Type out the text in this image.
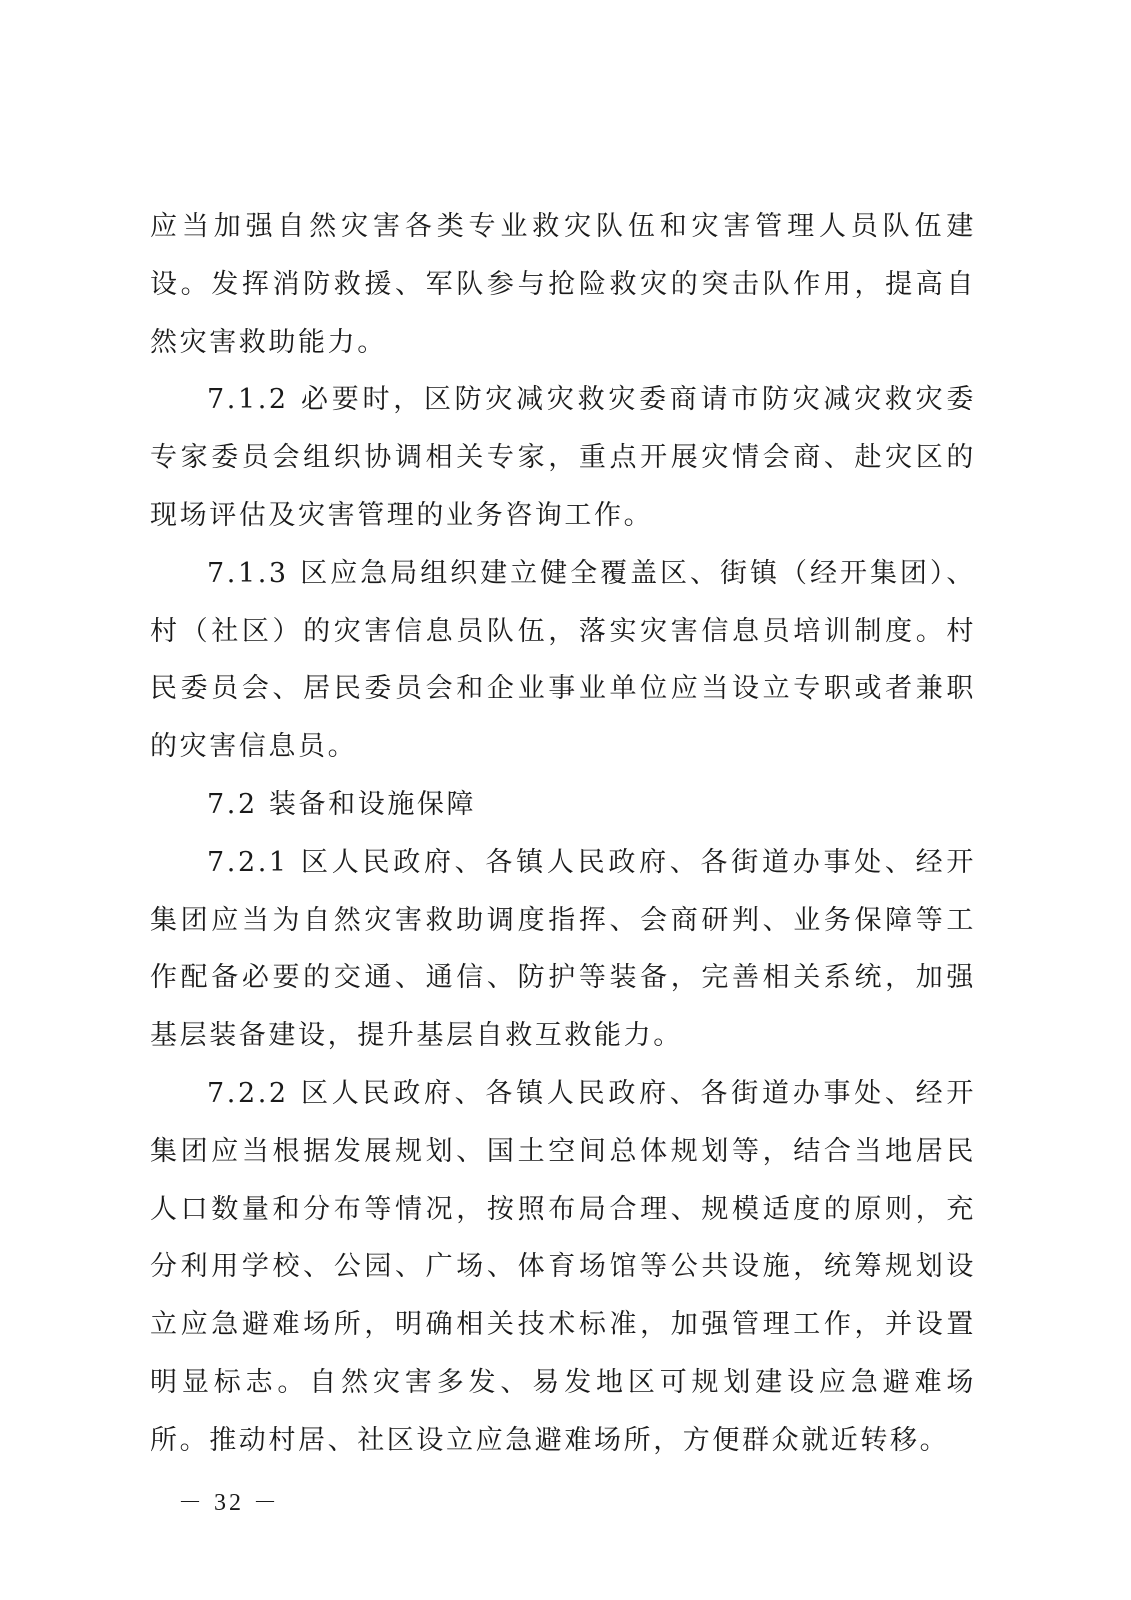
应当加强自然灾害各类专业救灾队伍和灾害管理人员队伍建设。发挥消防救援、军队参与抢险救灾的突击队作用，提高自然灾害救助能力。

7.1.2 必要时，区防灾减灾救灾委商请市防灾减灾救灾委专家委员会组织协调相关专家，重点开展灾情会商、赴灾区的现场评估及灾害管理的业务咨询工作。

7.1.3 区应急局组织建立健全覆盖区、街镇（经开集团）、村（社区）的灾害信息员队伍，落实灾害信息员培训制度。村民委员会、居民委员会和企业事业单位应当设立专职或者兼职的灾害信息员。

7.2 装备和设施保障

7.2.1 区人民政府、各镇人民政府、各街道办事处、经开集团应当为自然灾害救助调度指挥、会商研判、业务保障等工作配备必要的交通、通信、防护等装备，完善相关系统，加强基层装备建设，提升基层自救互救能力。

7.2.2 区人民政府、各镇人民政府、各街道办事处、经开集团应当根据发展规划、国土空间总体规划等，结合当地居民人口数量和分布等情况，按照布局合理、规模适度的原则，充分利用学校、公园、广场、体育场馆等公共设施，统筹规划设立应急避难场所，明确相关技术标准，加强管理工作，并设置明显标志。自然灾害多发、易发地区可规划建设应急避难场所。推动村居、社区设立应急避难场所，方便群众就近转移。

－ 32 －
